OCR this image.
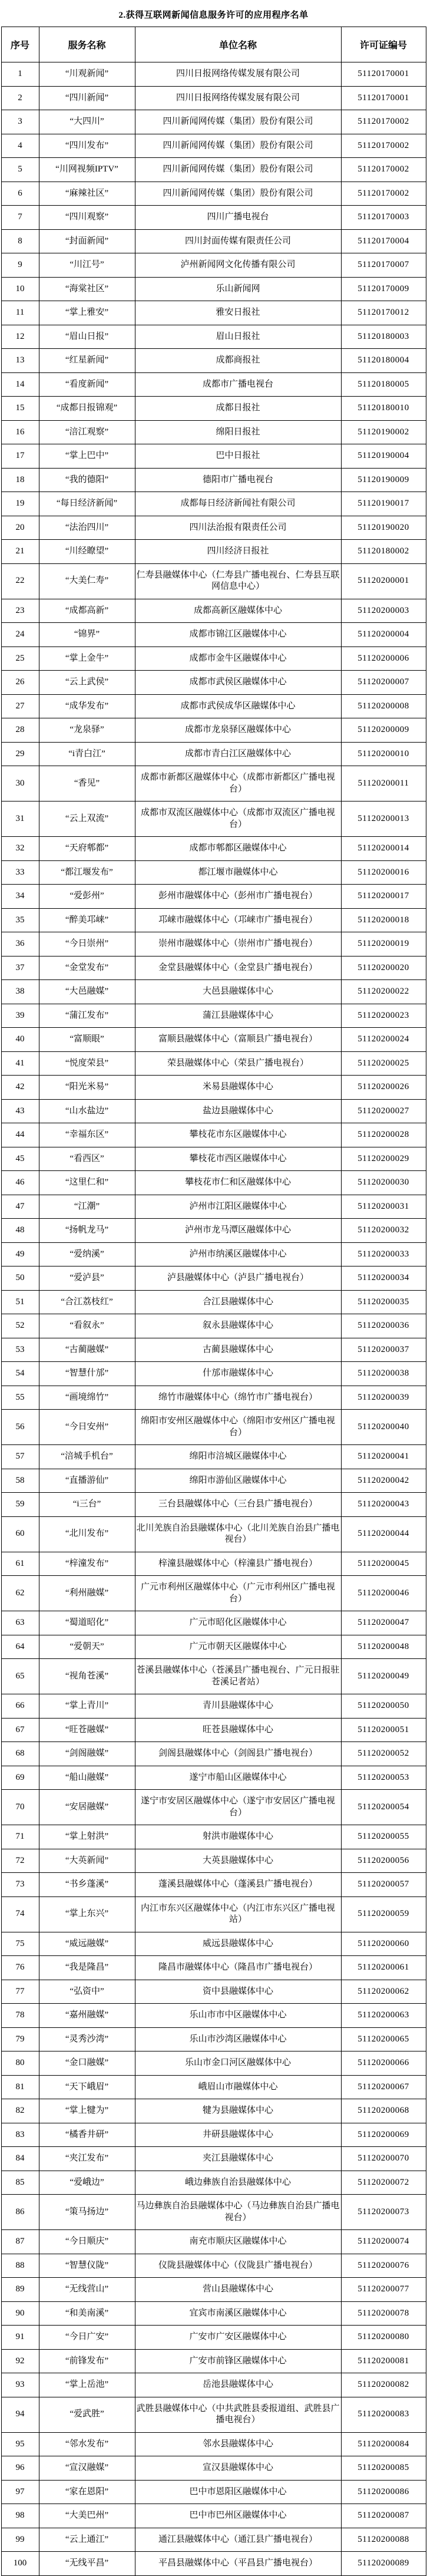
2.获得互联网新闻信息服务许可的应用程序名单
序号	服务名称	单位名称	许可证编号
1	“川观新闻”	四川日报网络传媒发展有限公司	51120170001
2	“四川新闻”	四川日报网络传媒发展有限公司	51120170001
3	“大四川”	四川新闻网传媒（集团）股份有限公司	51120170002
4	“四川发布”	四川新闻网传媒（集团）股份有限公司	51120170002
5	“川网视频IPTV”	四川新闻网传媒（集团）股份有限公司	51120170002
6	“麻辣社区”	四川新闻网传媒（集团）股份有限公司	51120170002
7	“四川观察”	四川广播电视台	51120170003
8	“封面新闻”	四川封面传媒有限责任公司	51120170004
9	“川江号”	泸州新闻网文化传播有限公司	51120170007
10	“海棠社区”	乐山新闻网	51120170009
11	“掌上雅安”	雅安日报社	51120170012
12	“眉山日报”	眉山日报社	51120180003
13	“红星新闻”	成都商报社	51120180004
14	“看度新闻”	成都市广播电视台	51120180005
15	“成都日报锦观”	成都日报社	51120180010
16	“涪江观察”	绵阳日报社	51120190002
17	“掌上巴中”	巴中日报社	51120190004
18	“我的德阳”	德阳市广播电视台	51120190009
19	“每日经济新闻”	成都每日经济新闻社有限公司	51120190017
20	“法治四川”	四川法治报有限责任公司	51120190020
21	“川经瞭望”	四川经济日报社	51120180002
22	“大美仁寿”	仁寿县融媒体中心（仁寿县广播电视台、仁寿县互联网信息中心）	51120200001
23	“成都高新”	成都高新区融媒体中心	51120200003
24	“锦界”	成都市锦江区融媒体中心	51120200004
25	“掌上金牛”	成都市金牛区融媒体中心	51120200006
26	“云上武侯”	成都市武侯区融媒体中心	51120200007
27	“成华发布”	成都市武侯成华区融媒体中心	51120200008
28	“龙泉驿”	成都市龙泉驿区融媒体中心	51120200009
29	“i青白江”	成都市青白江区融媒体中心	51120200010
30	“香见”	成都市新都区融媒体中心（成都市新都区广播电视台）	51120200011
31	“云上双流”	成都市双流区融媒体中心（成都市双流区广播电视台）	51120200013
32	“天府郫都”	成都市郫都区融媒体中心	51120200014
33	“都江堰发布”	都江堰市融媒体中心	51120200016
34	“爱彭州”	彭州市融媒体中心（彭州市广播电视台）	51120200017
35	“醉美邛崃”	邛崃市融媒体中心（邛崃市广播电视台）	51120200018
36	“今日崇州”	崇州市融媒体中心（崇州市广播电视台）	51120200019
37	“金堂发布”	金堂县融媒体中心（金堂县广播电视台）	51120200020
38	“大邑融媒”	大邑县融媒体中心	51120200022
39	“蒲江发布”	蒲江县融媒体中心	51120200023
40	“富顺眼”	富顺县融媒体中心（富顺县广播电视台）	51120200024
41	“悦度荣县”	荣县融媒体中心（荣县广播电视台）	51120200025
42	“阳光米易”	米易县融媒体中心	51120200026
43	“山水盐边”	盐边县融媒体中心	51120200027
44	“幸福东区”	攀枝花市东区融媒体中心	51120200028
45	“看西区”	攀枝花市西区融媒体中心	51120200029
46	“这里仁和”	攀枝花市仁和区融媒体中心	51120200030
47	“江潮”	泸州市江阳区融媒体中心	51120200031
48	“扬帆龙马”	泸州市龙马潭区融媒体中心	51120200032
49	“爱纳溪”	泸州市纳溪区融媒体中心	51120200033
50	“爱泸县”	泸县融媒体中心（泸县广播电视台）	51120200034
51	“合江荔枝红”	合江县融媒体中心	51120200035
52	“看叙永”	叙永县融媒体中心	51120200036
53	“古蔺融媒”	古蔺县融媒体中心	51120200037
54	“智慧什邡”	什邡市融媒体中心	51120200038
55	“画境绵竹”	绵竹市融媒体中心（绵竹市广播电视台）	51120200039
56	“今日安州”	绵阳市安州区融媒体中心（绵阳市安州区广播电视台）	51120200040
57	“涪城手机台”	绵阳市涪城区融媒体中心	51120200041
58	“直播游仙”	绵阳市游仙区融媒体中心	51120200042
59	“i三台”	三台县融媒体中心（三台县广播电视台）	51120200043
60	“北川发布”	北川羌族自治县融媒体中心（北川羌族自治县广播电视台）	51120200044
61	“梓潼发布”	梓潼县融媒体中心（梓潼县广播电视台）	51120200045
62	“利州融媒”	广元市利州区融媒体中心（广元市利州区广播电视台）	51120200046
63	“蜀道昭化”	广元市昭化区融媒体中心	51120200047
64	“爱朝天”	广元市朝天区融媒体中心	51120200048
65	“视角苍溪”	苍溪县融媒体中心（苍溪县广播电视台、广元日报驻苍溪记者站）	51120200049
66	“掌上青川”	青川县融媒体中心	51120200050
67	“旺苍融媒”	旺苍县融媒体中心	51120200051
68	“剑阁融媒”	剑阁县融媒体中心（剑阁县广播电视台）	51120200052
69	“船山融媒”	遂宁市船山区融媒体中心	51120200053
70	“安居融媒”	遂宁市安居区融媒体中心（遂宁市安居区广播电视台）	51120200054
71	“掌上射洪”	射洪市融媒体中心	51120200055
72	“大英新闻”	大英县融媒体中心	51120200056
73	“书乡蓬溪”	蓬溪县融媒体中心（蓬溪县广播电视台）	51120200057
74	“掌上东兴”	内江市东兴区融媒体中心（内江市东兴区广播电视站）	51120200059
75	“威远融媒”	威远县融媒体中心	51120200060
76	“我是隆昌”	隆昌市融媒体中心（隆昌市广播电视台）	51120200061
77	“弘资中”	资中县融媒体中心	51120200062
78	“嘉州融媒”	乐山市市中区融媒体中心	51120200063
79	“灵秀沙湾”	乐山市沙湾区融媒体中心	51120200065
80	“金口融媒”	乐山市金口河区融媒体中心	51120200066
81	“天下峨眉”	峨眉山市融媒体中心	51120200067
82	“掌上犍为”	犍为县融媒体中心	51120200068
83	“橘香井研”	井研县融媒体中心	51120200069
84	“夹江发布”	夹江县融媒体中心	51120200070
85	“爱峨边”	峨边彝族自治县融媒体中心	51120200072
86	“策马扬边”	马边彝族自治县融媒体中心（马边彝族自治县广播电视台）	51120200073
87	“今日顺庆”	南充市顺庆区融媒体中心	51120200074
88	“智慧仪陇”	仪陇县融媒体中心（仪陇县广播电视台）	51120200076
89	“无线营山”	营山县融媒体中心	51120200077
90	“和美南溪”	宜宾市南溪区融媒体中心	51120200078
91	“今日广安”	广安市广安区融媒体中心	51120200080
92	“前锋发布”	广安市前锋区融媒体中心	51120200081
93	“掌上岳池”	岳池县融媒体中心	51120200082
94	“爱武胜”	武胜县融媒体中心（中共武胜县委报道组、武胜县广播电视台）	51120200083
95	“邻水发布”	邻水县融媒体中心	51120200084
96	“宣汉融媒”	宣汉县融媒体中心	51120200085
97	“家在恩阳”	巴中市恩阳区融媒体中心	51120200086
98	“大美巴州”	巴中市巴州区融媒体中心	51120200087
99	“云上通江”	通江县融媒体中心（通江县广播电视台）	51120200088
100	“无线平昌”	平昌县融媒体中心（平昌县广播电视台）	51120200089
